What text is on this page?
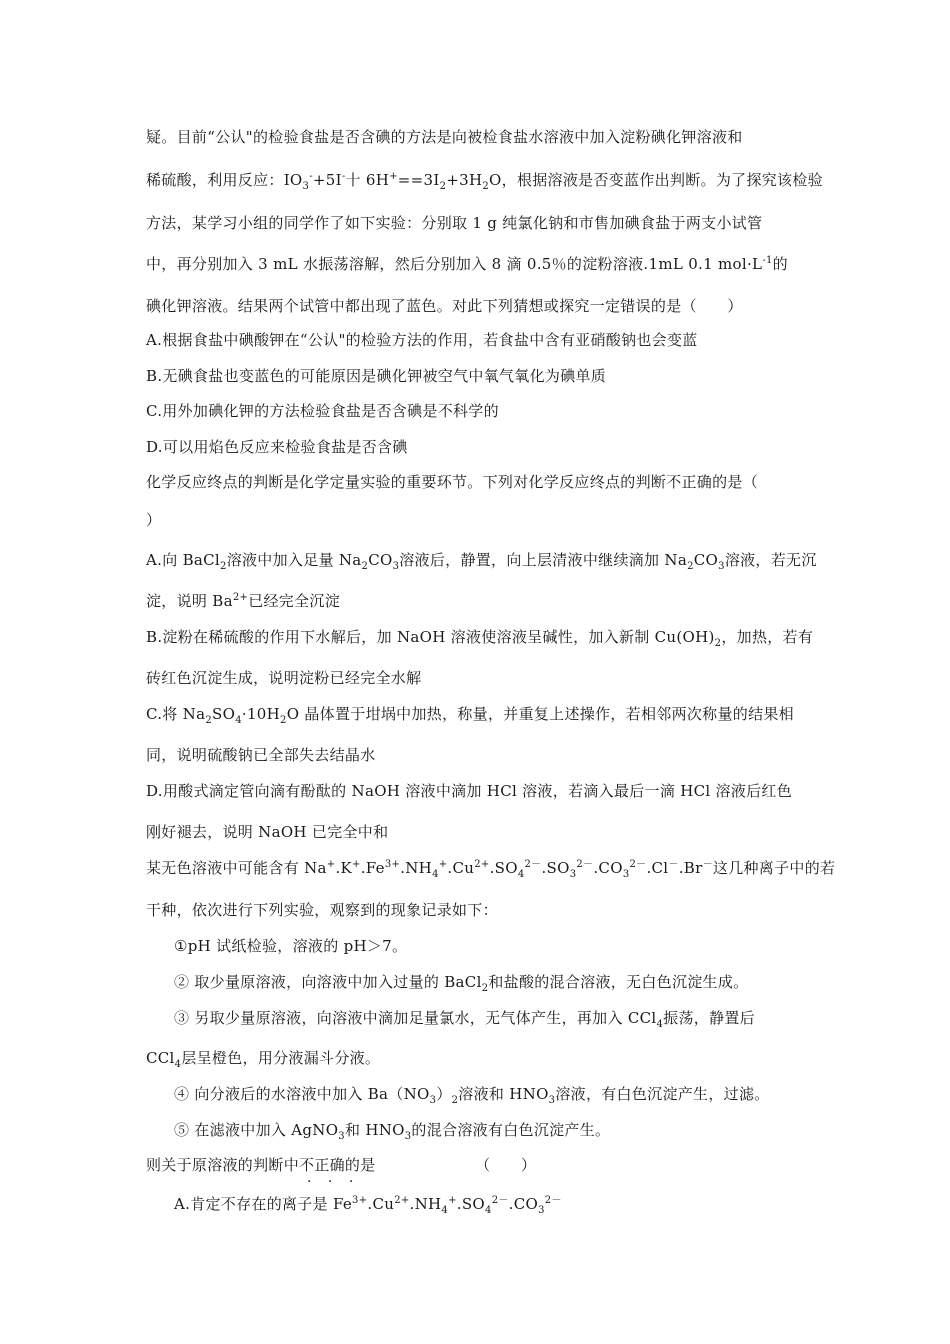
疑。目前“公认"的检验食盐是否含碘的方法是向被检食盐水溶液中加入淀粉碘化钾溶液和
稀硫酸，利用反应：$IO_3^-+5I^-$十 $6H^+==3I_2+3H_2O$，根据溶液是否变蓝作出判断。为了探究该检验
方法，某学习小组的同学作了如下实验：分别取 1 g 纯氯化钠和市售加碘食盐于两支小试管
中，再分别加入 3 mL 水振荡溶解，然后分别加入 8 滴 0.5％的淀粉溶液.1mL 0.1 $mol\cdot L^{-1}$的
碘化钾溶液。结果两个试管中都出现了蓝色。对此下列猜想或探究一定错误的是（　　）
A.根据食盐中碘酸钾在“公认"的检验方法的作用，若食盐中含有亚硝酸钠也会变蓝
B.无碘食盐也变蓝色的可能原因是碘化钾被空气中氧气氧化为碘单质
C.用外加碘化钾的方法检验食盐是否含碘是不科学的
D.可以用焰色反应来检验食盐是否含碘
化学反应终点的判断是化学定量实验的重要环节。下列对化学反应终点的判断不正确的是（
）
A.向 BaCl$_2$溶液中加入足量 $Na_2CO_3$溶液后，静置，向上层清液中继续滴加 $Na_2CO_3$溶液，若无沉
淀，说明 $Ba^{2+}$已经完全沉淀
B.淀粉在稀硫酸的作用下水解后，加 NaOH 溶液使溶液呈碱性，加入新制 $Cu(OH)_2$，加热，若有
砖红色沉淀生成，说明淀粉已经完全水解
C.将 $Na_2SO_4\cdot 10H_2O$ 晶体置于坩埚中加热，称量，并重复上述操作，若相邻两次称量的结果相
同，说明硫酸钠已全部失去结晶水
D.用酸式滴定管向滴有酚酞的 NaOH 溶液中滴加 HCl 溶液，若滴入最后一滴 HCl 溶液后红色
刚好褪去，说明 NaOH 已完全中和
某无色溶液中可能含有 $Na^+.K^+.Fe^{3+}.NH_4^+.Cu^{2+}.SO_4^{2-}.SO_3^{2-}.CO_3^{2-}.Cl^-.Br^-$这几种离子中的若
干种，依次进行下列实验，观察到的现象记录如下：
①pH 试纸检验，溶液的 pH＞7。
② 取少量原溶液，向溶液中加入过量的 BaCl$_2$和盐酸的混合溶液，无白色沉淀生成。
③ 另取少量原溶液，向溶液中滴加足量氯水，无气体产生，再加入 CCl$_4$振荡，静置后
CCl$_4$层呈橙色，用分液漏斗分液。
④ 向分液后的水溶液中加入 $Ba(NO_3)_2$溶液和 $HNO_3$溶液，有白色沉淀产生，过滤。
⑤ 在滤液中加入 AgNO$_3$和 $HNO_3$的混合溶液有白色沉淀产生。
则关于原溶液的判断中不正确 · · ·的是　　　　　　　（　　）
A.肯定不存在的离子是 $Fe^{3+}.Cu^{2+}.NH_4^+.SO_4^{2-}.CO_3^{2-}$
